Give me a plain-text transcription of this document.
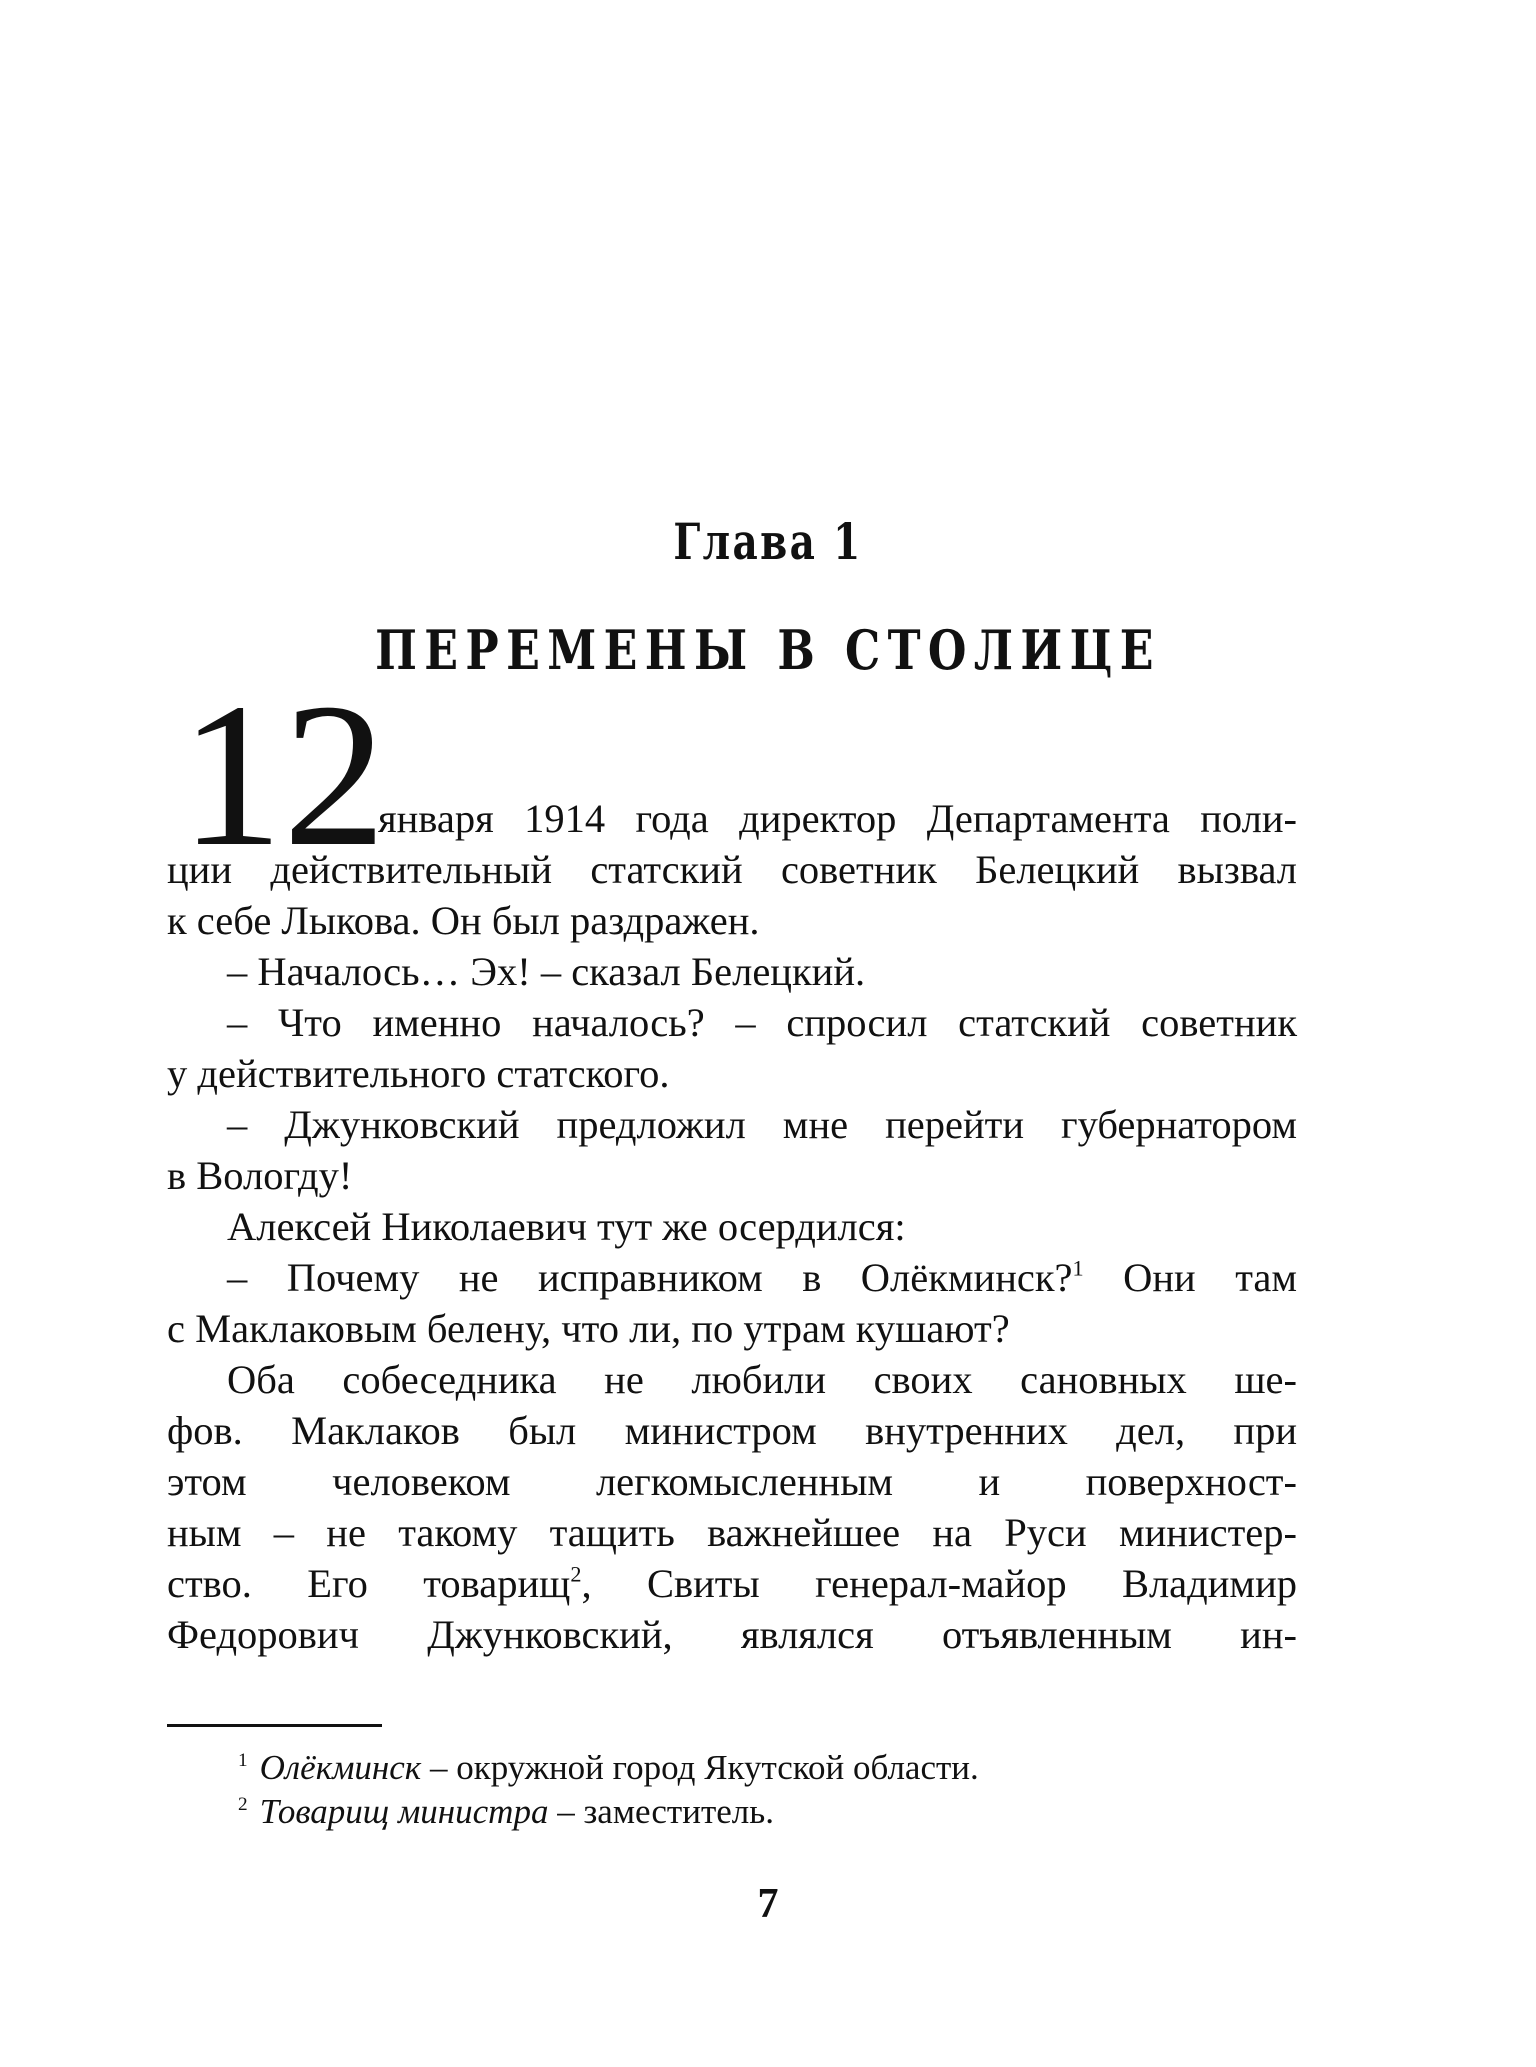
Глава 1
ПЕРЕМЕНЫ В СТОЛИЦЕ
12
января 1914 года директор Департамента поли-
ции действительный статский советник Белецкий вызвал
к себе Лыкова. Он был раздражен.
– Началось… Эх! – сказал Белецкий.
– Что именно началось? – спросил статский советник
у действительного статского.
– Джунковский предложил мне перейти губернатором
в Вологду!
Алексей Николаевич тут же осердился:
– Почему не исправником в Олёкминск?$^1$ Они там
с Маклаковым белену, что ли, по утрам кушают?
Оба собеседника не любили своих сановных ше-
фов. Маклаков был министром внутренних дел, при
этом человеком легкомысленным и поверхност-
ным – не такому тащить важнейшее на Руси министер-
ство. Его товарищ$^2$, Свиты генерал-майор Владимир
Федорович Джунковский, являлся отъявленным ин-
$^1$ Олёкминск – окружной город Якутской области.
$^2$ Товарищ министра – заместитель.
7
